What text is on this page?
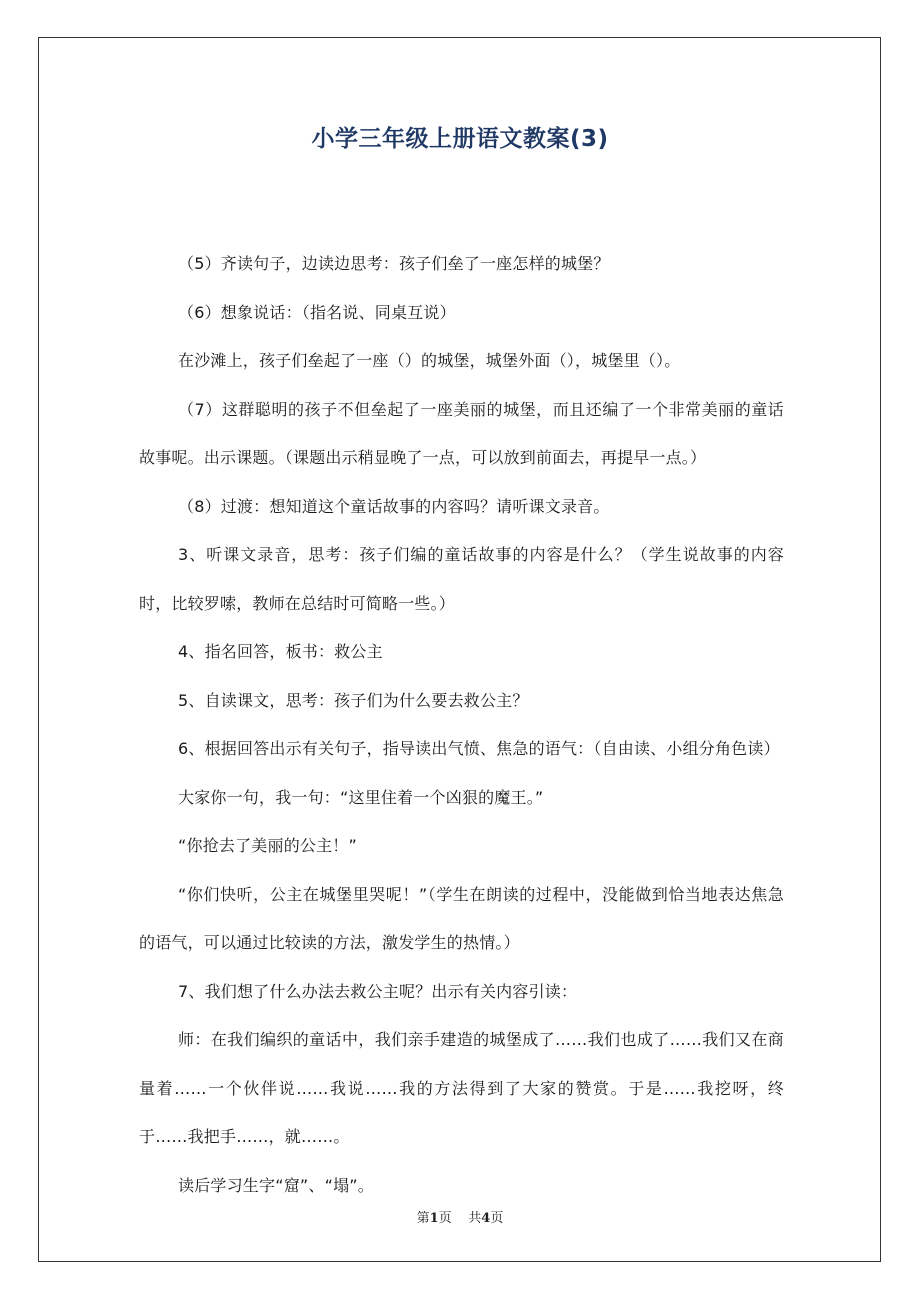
小学三年级上册语文教案(3)

（5）齐读句子，边读边思考：孩子们垒了一座怎样的城堡？

（6）想象说话：（指名说、同桌互说）

在沙滩上，孩子们垒起了一座（）的城堡，城堡外面（），城堡里（）。

（7）这群聪明的孩子不但垒起了一座美丽的城堡，而且还编了一个非常美丽的童话故事呢。出示课题。（课题出示稍显晚了一点，可以放到前面去，再提早一点。）

（8）过渡：想知道这个童话故事的内容吗？请听课文录音。

3、听课文录音，思考：孩子们编的童话故事的内容是什么？（学生说故事的内容时，比较罗嗦，教师在总结时可简略一些。）

4、指名回答，板书：救公主

5、自读课文，思考：孩子们为什么要去救公主？

6、根据回答出示有关句子，指导读出气愤、焦急的语气：（自由读、小组分角色读）

大家你一句，我一句：“这里住着一个凶狠的魔王。”

“你抢去了美丽的公主！”

“你们快听，公主在城堡里哭呢！”（学生在朗读的过程中，没能做到恰当地表达焦急的语气，可以通过比较读的方法，激发学生的热情。）

7、我们想了什么办法去救公主呢？出示有关内容引读：

师：在我们编织的童话中，我们亲手建造的城堡成了……我们也成了……我们又在商量着……一个伙伴说……我说……我的方法得到了大家的赞赏。于是……我挖呀，终于……我把手……，就……。

读后学习生字“窟”、“塌”。

第1页 共4页
